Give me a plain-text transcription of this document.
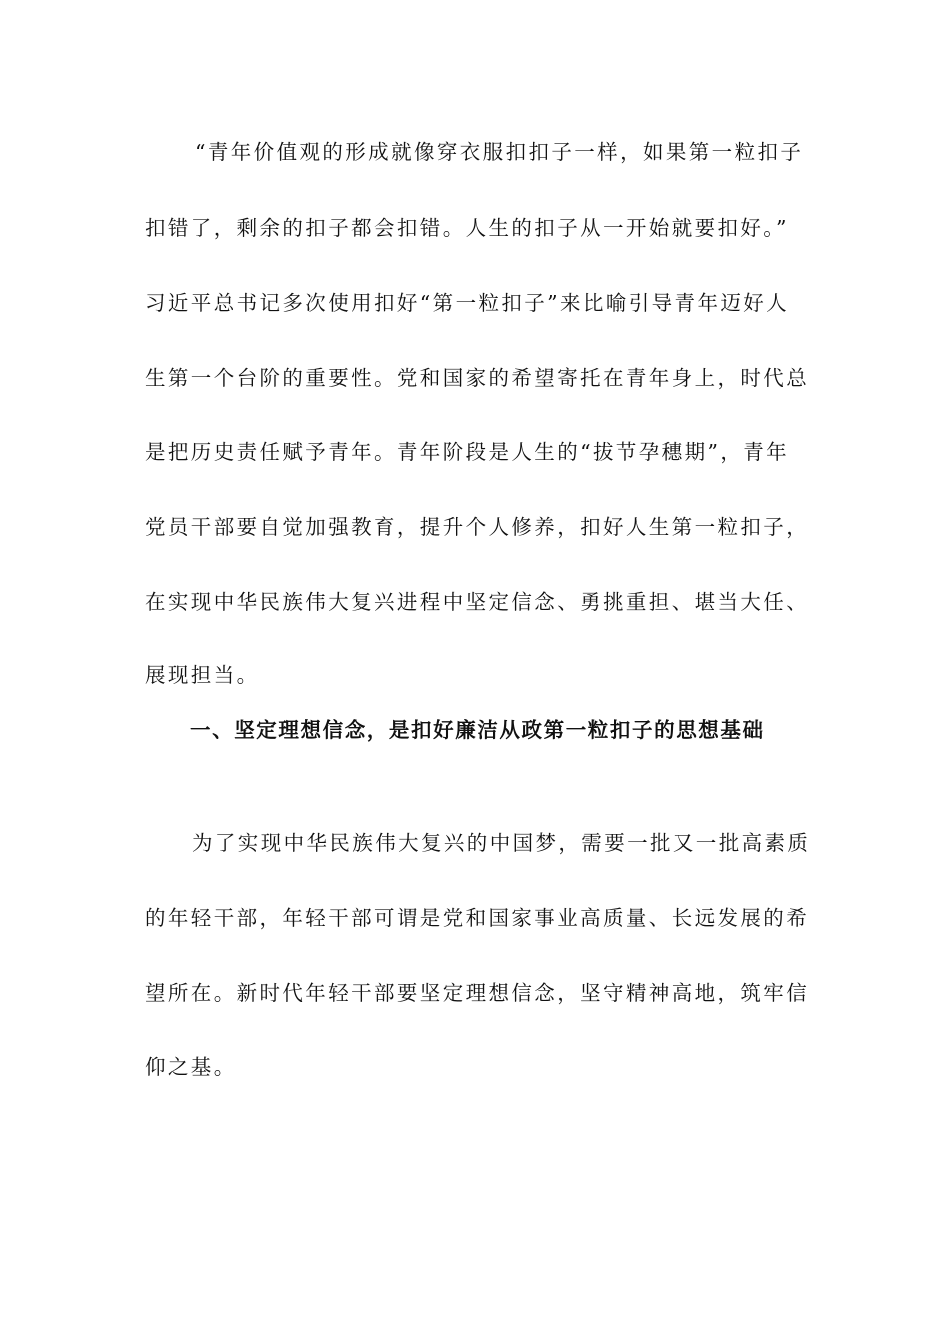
“青年价值观的形成就像穿衣服扣扣子一样，如果第一粒扣子
扣错了，剩余的扣子都会扣错。人生的扣子从一开始就要扣好。”
习近平总书记多次使用扣好“第一粒扣子”来比喻引导青年迈好人
生第一个台阶的重要性。党和国家的希望寄托在青年身上，时代总
是把历史责任赋予青年。青年阶段是人生的“拔节孕穗期”，青年
党员干部要自觉加强教育，提升个人修养，扣好人生第一粒扣子，
在实现中华民族伟大复兴进程中坚定信念、勇挑重担、堪当大任、
展现担当。
一、坚定理想信念，是扣好廉洁从政第一粒扣子的思想基础
为了实现中华民族伟大复兴的中国梦，需要一批又一批高素质
的年轻干部，年轻干部可谓是党和国家事业高质量、长远发展的希
望所在。新时代年轻干部要坚定理想信念，坚守精神高地，筑牢信
仰之基。
